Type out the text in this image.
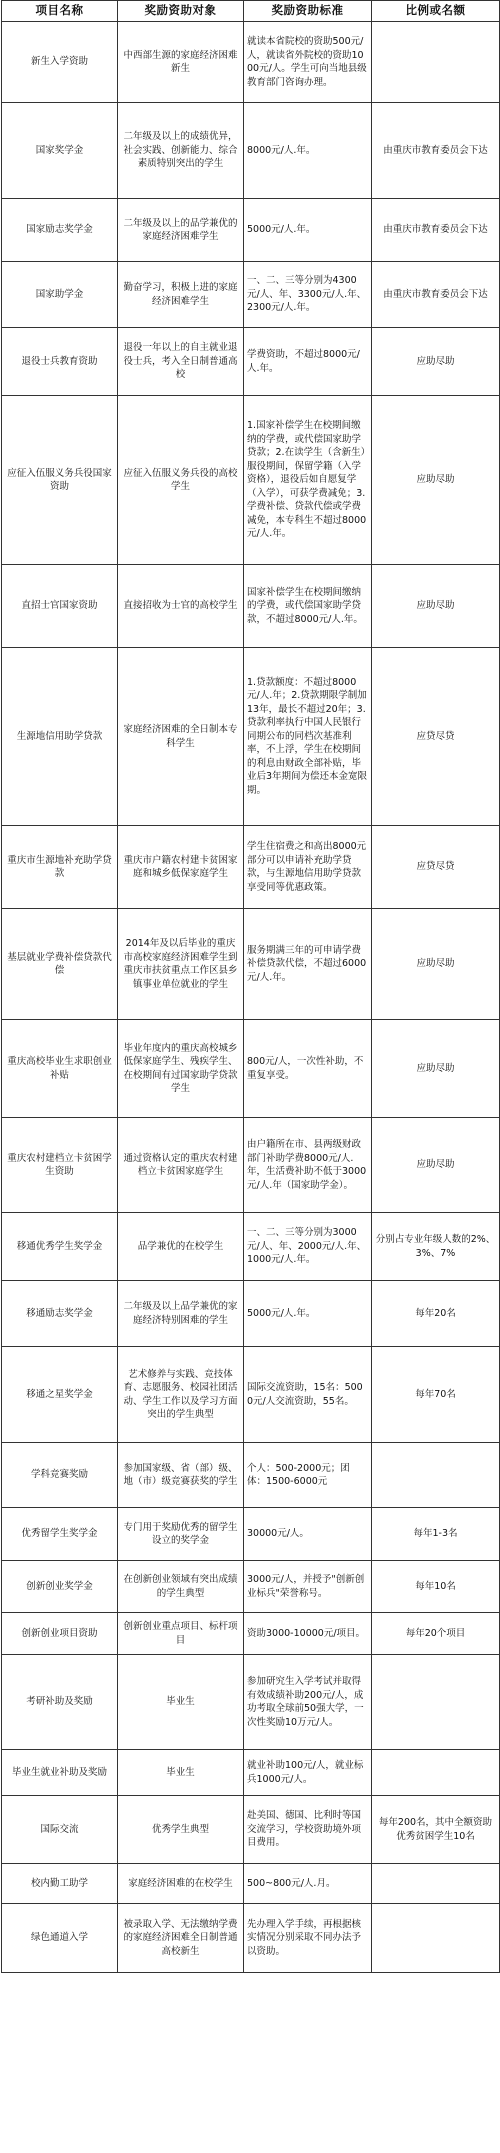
项目名称	奖励资助对象	奖励资助标准	比例或名额
新生入学资助	中西部生源的家庭经济困难新生	就读本省院校的资助500元/人，就读省外院校的资助1000元/人。学生可向当地县级教育部门咨询办理。	
国家奖学金	二年级及以上的成绩优异，社会实践、创新能力、综合素质特别突出的学生	8000元/人.年。	由重庆市教育委员会下达
国家励志奖学金	二年级及以上的品学兼优的家庭经济困难学生	5000元/人.年。	由重庆市教育委员会下达
国家助学金	勤奋学习，积极上进的家庭经济困难学生	一、二、三等分别为4300元/人、年、3300元/人.年、2300元/人.年。	由重庆市教育委员会下达
退役士兵教育资助	退役一年以上的自主就业退役士兵，考入全日制普通高校	学费资助，不超过8000元/人.年。	应助尽助
应征入伍服义务兵役国家资助	应征入伍服义务兵役的高校学生	1.国家补偿学生在校期间缴纳的学费，或代偿国家助学贷款；2.在读学生（含新生）服役期间，保留学籍（入学资格），退役后如自愿复学（入学），可获学费减免；3.学费补偿、贷款代偿或学费减免，本专科生不超过8000元/人.年。	应助尽助
直招士官国家资助	直接招收为士官的高校学生	国家补偿学生在校期间缴纳的学费，或代偿国家助学贷款，不超过8000元/人.年。	应助尽助
生源地信用助学贷款	家庭经济困难的全日制本专科学生	1.贷款额度：不超过8000元/人.年；2.贷款期限学制加13年，最长不超过20年；3.贷款利率执行中国人民银行同期公布的同档次基准利率，不上浮，学生在校期间的利息由财政全部补贴，毕业后3年期间为偿还本金宽限期。	应贷尽贷
重庆市生源地补充助学贷款	重庆市户籍农村建卡贫困家庭和城乡低保家庭学生	学生住宿费之和高出8000元部分可以申请补充助学贷款，与生源地信用助学贷款享受同等优惠政策。	应贷尽贷
基层就业学费补偿贷款代偿	2014年及以后毕业的重庆市高校家庭经济困难学生到重庆市扶贫重点工作区县乡镇事业单位就业的学生	服务期满三年的可申请学费补偿贷款代偿，不超过6000元/人.年。	应助尽助
重庆高校毕业生求职创业补贴	毕业年度内的重庆高校城乡低保家庭学生、残疾学生、在校期间有过国家助学贷款学生	800元/人，一次性补助，不重复享受。	应助尽助
重庆农村建档立卡贫困学生资助	通过资格认定的重庆农村建档立卡贫困家庭学生	由户籍所在市、县两级财政部门补助学费8000元/人.年，生活费补助不低于3000元/人.年（国家助学金）。	应助尽助
移通优秀学生奖学金	品学兼优的在校学生	一、二、三等分别为3000元/人、年、2000元/人.年、1000元/人.年。	分别占专业年级人数的2%、3%、7%
移通励志奖学金	二年级及以上品学兼优的家庭经济特别困难的学生	5000元/人.年。	每年20名
移通之星奖学金	艺术修养与实践、竞技体育、志愿服务、校园社团活动、学生工作以及学习方面突出的学生典型	国际交流资助，15名：5000元/人交流资助，55名。	每年70名
学科竞赛奖励	参加国家级、省（部）级、地（市）级竞赛获奖的学生	个人：500-2000元；团体：1500-6000元	
优秀留学生奖学金	专门用于奖励优秀的留学生设立的奖学金	30000元/人。	每年1-3名
创新创业奖学金	在创新创业领域有突出成绩的学生典型	3000元/人，并授予"创新创业标兵"荣誉称号。	每年10名
创新创业项目资助	创新创业重点项目、标杆项目	资助3000-10000元/项目。	每年20个项目
考研补助及奖励	毕业生	参加研究生入学考试并取得有效成绩补助200元/人，成功考取全球前50强大学，一次性奖励10万元/人。	
毕业生就业补助及奖励	毕业生	就业补助100元/人，就业标兵1000元/人。	
国际交流	优秀学生典型	赴美国、德国、比利时等国交流学习，学校资助境外项目费用。	每年200名，其中全额资助优秀贫困学生10名
校内勤工助学	家庭经济困难的在校学生	500~800元/人.月。	
绿色通道入学	被录取入学、无法缴纳学费的家庭经济困难全日制普通高校新生	先办理入学手续，再根据核实情况分别采取不同办法予以资助。	
